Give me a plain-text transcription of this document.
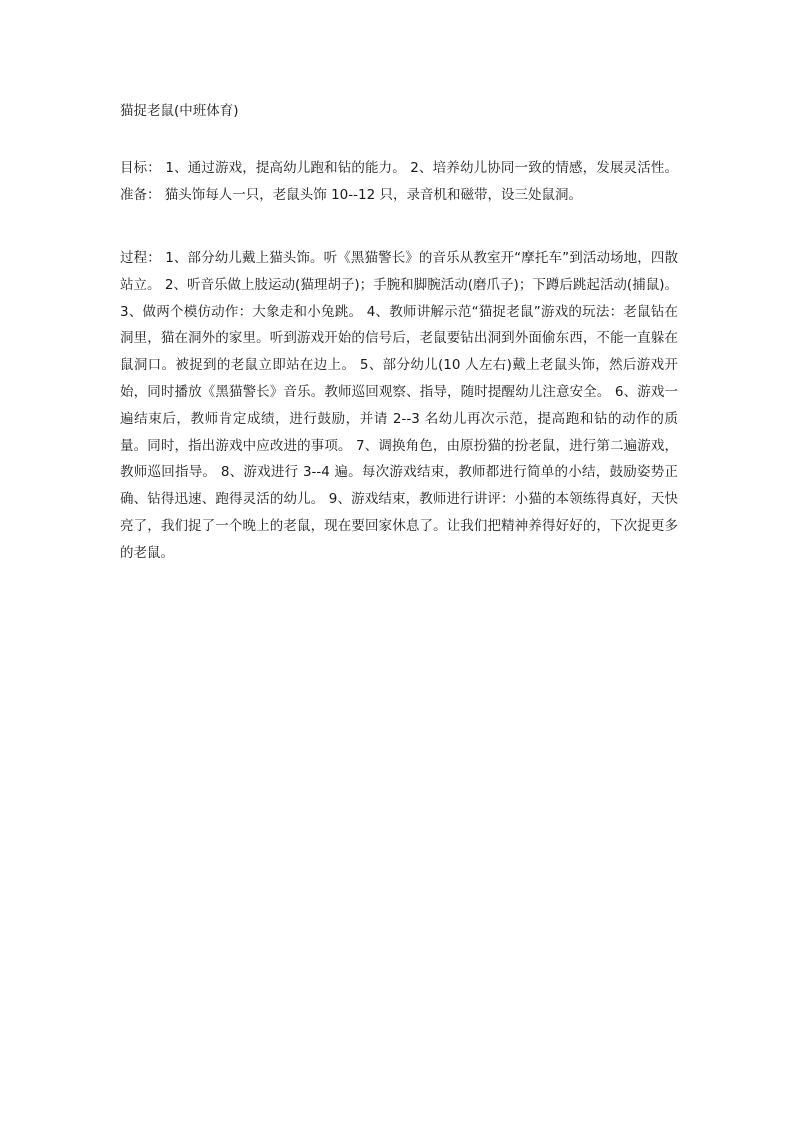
猫捉老鼠(中班体育)

目标： 1、通过游戏，提高幼儿跑和钻的能力。 2、培养幼儿协同一致的情感，发展灵活性。 准备： 猫头饰每人一只，老鼠头饰 10--12 只，录音机和磁带，设三处鼠洞。

过程： 1、部分幼儿戴上猫头饰。听《黑猫警长》的音乐从教室开“摩托车”到活动场地，四散站立。 2、听音乐做上肢运动(猫理胡子)；手腕和脚腕活动(磨爪子)；下蹲后跳起活动(捕鼠)。 3、做两个模仿动作：大象走和小兔跳。 4、教师讲解示范“猫捉老鼠”游戏的玩法：老鼠钻在洞里，猫在洞外的家里。听到游戏开始的信号后，老鼠要钻出洞到外面偷东西，不能一直躲在鼠洞口。被捉到的老鼠立即站在边上。 5、部分幼儿(10 人左右)戴上老鼠头饰，然后游戏开始，同时播放《黑猫警长》音乐。教师巡回观察、指导，随时提醒幼儿注意安全。 6、游戏一遍结束后，教师肯定成绩，进行鼓励，并请 2--3 名幼儿再次示范，提高跑和钻的动作的质量。同时，指出游戏中应改进的事项。 7、调换角色，由原扮猫的扮老鼠，进行第二遍游戏，教师巡回指导。 8、游戏进行 3--4 遍。每次游戏结束，教师都进行简单的小结，鼓励姿势正确、钻得迅速、跑得灵活的幼儿。 9、游戏结束，教师进行讲评：小猫的本领练得真好，天快亮了，我们捉了一个晚上的老鼠，现在要回家休息了。让我们把精神养得好好的，下次捉更多的老鼠。
